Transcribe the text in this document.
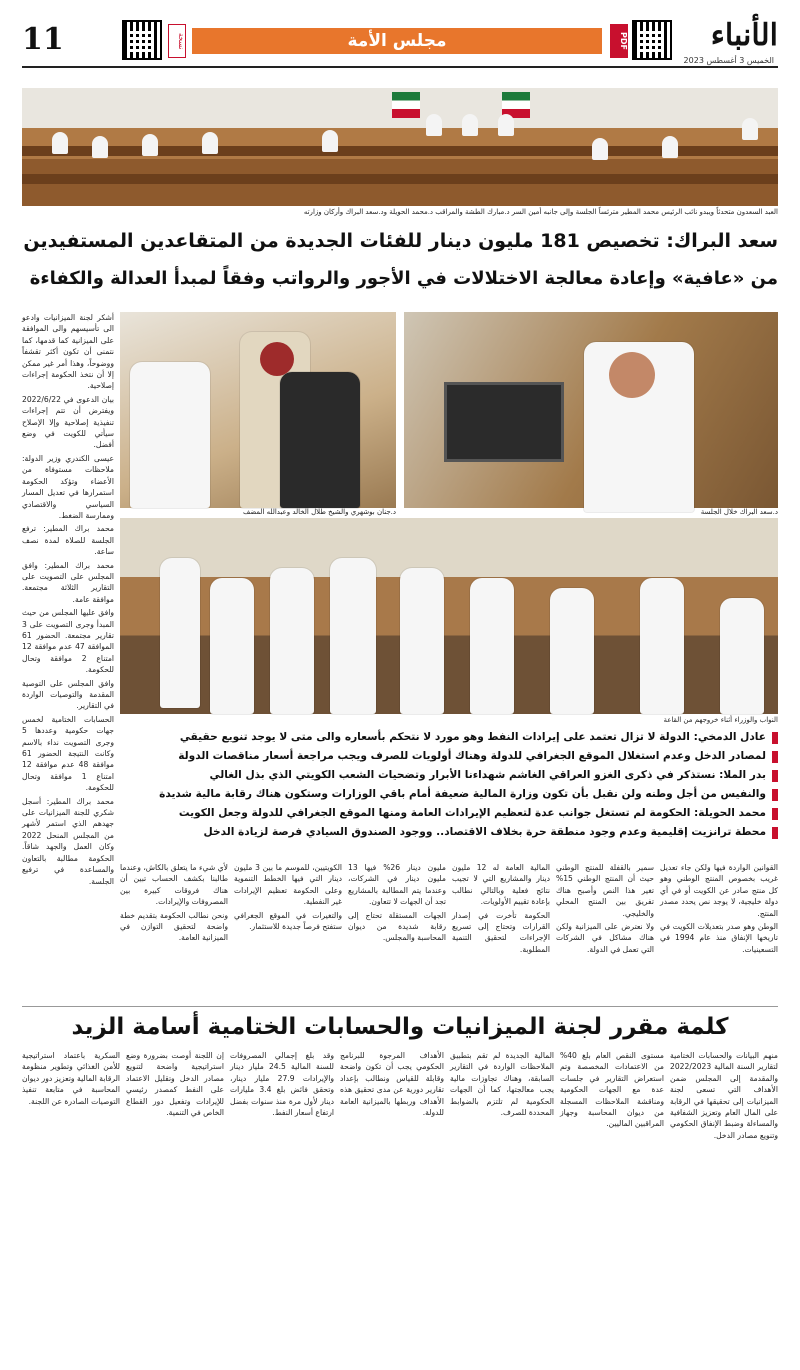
11	نسخة	مجلس الأمة	PDF	الأنباء
الخميس 3 أغسطس 2023
العبد السعدون متحدثاً ويبدو نائب الرئيس محمد المطير مترئساً الجلسة وإلى جانبه أمين السر د.مبارك الطشة والمراقب د.محمد الحويلة ود.سعد البراك وأركان وزارته
سعد البراك: تخصيص 181 مليون دينار للفئات الجديدة من المتقاعدين المستفيدين
من «عافية» وإعادة معالجة الاختلالات في الأجور والرواتب وفقاً لمبدأ العدالة والكفاءة

أشكر لجنة الميزانيات وادعو الى تأسيسهم والى الموافقة على الميزانية كما قدمها، كما نتمنى أن تكون أكثر تقشفاً ووضوحاً، وهذا أمر غير ممكن إلا أن نتخذ الحكومة إجراءات إصلاحية.

بيان الدعوى في 2022/6/22 ويفترض أن تتم إجراءات تنفيذية إصلاحية وإلا الإصلاح سيأتي للكويت في وضع أفضل.

عيسى الكندري وزير الدولة: ملاحظات مستوفاة من الأعضاء وتؤكد الحكومة استمرارها في تعديل المسار السياسي والاقتصادي وممارسة الضغط.

محمد براك المطير: ترفع الجلسة للصلاة لمدة نصف ساعة.

محمد براك المطير: وافق المجلس على التصويت على التقارير الثلاثة مجتمعة. موافقة عامة.

وافق عليها المجلس من حيث المبدأ وجرى التصويت على 3 تقارير مجتمعة. الحضور 61 الموافقة 47 عدم موافقة 12 امتناع 2 موافقة وتحال للحكومة.

وافق المجلس على التوصية المقدمة والتوصيات الواردة في التقارير.

الحسابات الختامية لخمس جهات حكومية وعددها 5 وجرى التصويت نداء بالاسم وكانت النتيجة الحضور 61 موافقة 48 عدم موافقة 12 امتناع 1 موافقة وتحال للحكومة.

محمد براك المطير: أسجل شكري للجنة الميزانيات على جهدهم الذي استمر لأشهر من المجلس المنحل 2022 وكان العمل والجهد شاقاً. الحكومة مطالبة بالتعاون والمساعدة في ترفيع الجلسة.

د.سعد البراك خلال الجلسة
د.جنان بوشهري والشيخ طلال الخالد وعبدالله المضف
النواب والوزراء أثناء خروجهم من القاعة
عادل الدمخي: الدولة لا تزال تعتمد على إيرادات النفط وهو مورد لا نتحكم بأسعاره والى متى لا يوجد تنويع حقيقي
لمصادر الدخل وعدم استغلال الموقع الجغرافي للدولة وهناك أولويات للصرف ويجب مراجعة أسعار مناقصات الدولة
بدر الملا: نستذكر في ذكرى الغزو العراقي الغاشم شهداءنا الأبرار وتضحيات الشعب الكويتي الذي بذل الغالي
والنفيس من أجل وطنه ولن نقبل بأن تكون وزارة المالية ضعيفة أمام باقي الوزارات وستكون هناك رقابة مالية شديدة
محمد الحويلة: الحكومة لم تستغل جوانب عدة لتعظيم الإيرادات العامة ومنها الموقع الجغرافي للدولة وجعل الكويت
محطة ترانزيت إقليمية وعدم وجود منطقة حرة بخلاف الاقتصاد.. ووجود الصندوق السيادي فرصة لزيادة الدخل

القوانين الواردة فيها ولكن جاء تعديل غريب بخصوص المنتج الوطني وهو كل منتج صادر عن الكويت أو في أي دولة خليجية، لا يوجد نص يحدد مصدر المنتج.

الوطن وهو صدر بتعديلات الكويت في تاريخها الإنفاق منذ عام 1994 في التسعينيات.

سمير بالقفلة للمنتج الوطني حيث أن المنتج الوطني 15% تغير هذا النص وأصبح هناك تفريق بين المنتج المحلي والخليجي.

ولا نعترض على الميزانية ولكن هناك مشاكل في الشركات التي تعمل في الدولة.

المالية العامة له 12 مليون دينار والمشاريع التي لا تجيب نتائج فعلية وبالتالي نطالب بإعادة تقييم الأولويات.

الحكومة تأخرت في إصدار القرارات وتحتاج إلى تسريع الإجراءات لتحقيق التنمية المطلوبة.

مليون دينار 26% فيها 13 مليون دينار في الشركات، وعندما يتم المطالبة بالمشاريع تجد أن الجهات لا تتعاون.

الجهات المستقلة تحتاج إلى رقابة شديدة من ديوان المحاسبة والمجلس.

الكويتيين، للموسم ما بين 3 مليون دينار التي فيها الخطط التنموية وعلى الحكومة تعظيم الإيرادات غير النفطية.

والتغيرات في الموقع الجغرافي ستفتح فرصاً جديدة للاستثمار.

لأي شيء ما يتعلق بالكاش، وعندما طالبنا بكشف الحساب تبين أن هناك فروقات كبيرة بين المصروفات والإيرادات.

ونحن نطالب الحكومة بتقديم خطة واضحة لتحقيق التوازن في الميزانية العامة.

كلمة مقرر لجنة الميزانيات والحسابات الختامية أسامة الزيد

منهم البيانات والحسابات الختامية لتقارير السنة المالية 2022/2023 والمقدمة إلى المجلس ضمن الأهداف التي تسعى لجنة الميزانيات إلى تحقيقها في الرقابة على المال العام وتعزيز الشفافية والمساءلة وضبط الإنفاق الحكومي وتنويع مصادر الدخل.

مستوى النقص العام بلغ 40% من الاعتمادات المخصصة وتم استعراض التقارير في جلسات عدة مع الجهات الحكومية ومناقشة الملاحظات المسجلة من ديوان المحاسبة وجهاز المراقبين الماليين.

المالية الجديدة لم تقم بتطبيق الملاحظات الواردة في التقارير السابقة، وهناك تجاوزات مالية يجب معالجتها، كما أن الجهات الحكومية لم تلتزم بالضوابط المحددة للصرف.

الأهداف المرجوة للبرنامج الحكومي يجب أن تكون واضحة وقابلة للقياس ونطالب بإعداد تقارير دورية عن مدى تحقيق هذه الأهداف وربطها بالميزانية العامة للدولة.

وقد بلغ إجمالي المصروفات للسنة المالية 24.5 مليار دينار والإيرادات 27.9 مليار دينار، وتحقق فائض بلغ 3.4 مليارات دينار لأول مرة منذ سنوات بفضل ارتفاع أسعار النفط.

إن اللجنة أوصت بضرورة وضع استراتيجية واضحة لتنويع مصادر الدخل وتقليل الاعتماد على النفط كمصدر رئيسي للإيرادات وتفعيل دور القطاع الخاص في التنمية.

السكرية باعتماد استراتيجية للأمن الغذائي وتطوير منظومة الرقابة المالية وتعزيز دور ديوان المحاسبة في متابعة تنفيذ التوصيات الصادرة عن اللجنة.
